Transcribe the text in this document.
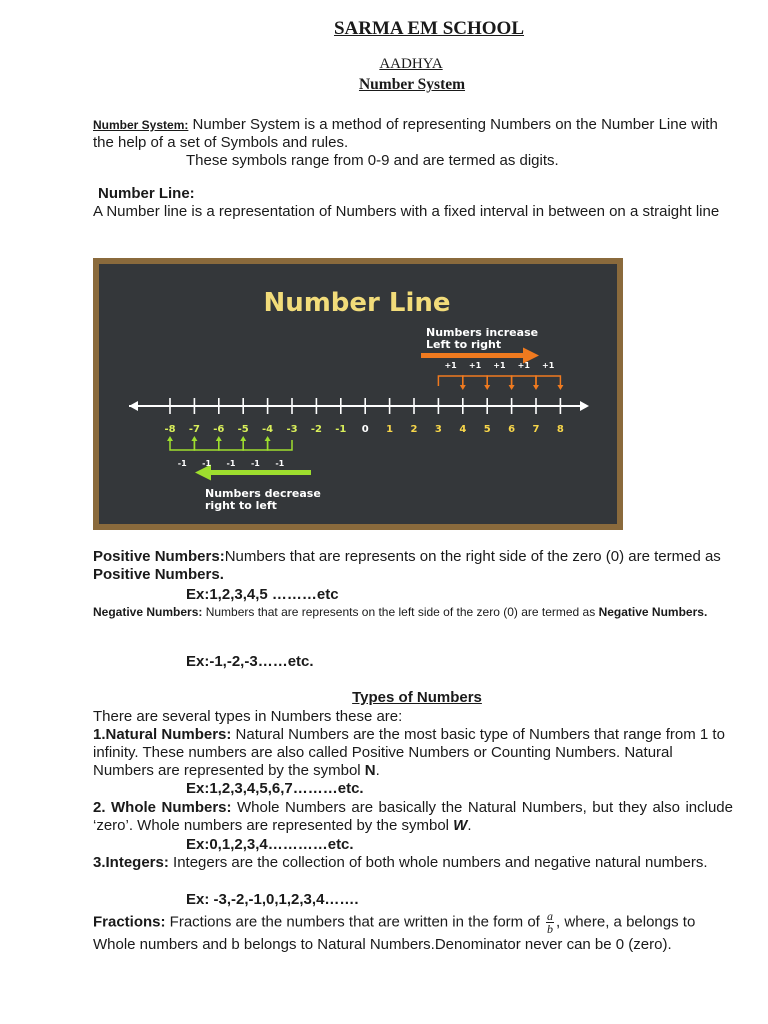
SARMA EM SCHOOL
AADHYA
Number System

Number System: Number System is a method of representing Numbers on the Number Line with the help of a set of Symbols and rules.

These symbols range from 0-9 and are termed as digits.

Number Line:
A Number line is a representation of Numbers with a fixed interval in between on a straight line
Number Line
Numbers increase
Left to right
Numbers decrease
right to left
-8 -7 -6 -5 -4 -3 -2 -1 0 1 2 3 4 5 6 7 8
+1 +1 +1 +1 +1
-1
-1
-1
-1
-1

Positive Numbers:Numbers that are represents on the right side of the zero (0) are termed as Positive Numbers.

Ex:1,2,3,4,5 ………etc

Negative Numbers: Numbers that are represents on the left side of the zero (0) are termed as Negative Numbers.

Ex:-1,-2,-3……etc.
Types of Numbers
There are several types in Numbers these are:

1.Natural Numbers: Natural Numbers are the most basic type of Numbers that range from 1 to infinity. These numbers are also called Positive Numbers or Counting Numbers. Natural Numbers are represented by the symbol N.

Ex:1,2,3,4,5,6,7………etc.

2. Whole Numbers: Whole Numbers are basically the Natural Numbers, but they also include ‘zero’. Whole numbers are represented by the symbol W.

Ex:0,1,2,3,4…………etc.

3.Integers: Integers are the collection of both whole numbers and negative natural numbers.

Ex: -3,-2,-1,0,1,2,3,4…….

Fractions: Fractions are the numbers that are written in the form of $\frac{a}{b}$ , where, a belongs to Whole numbers and b belongs to Natural Numbers.Denominator never can be 0 (zero).
